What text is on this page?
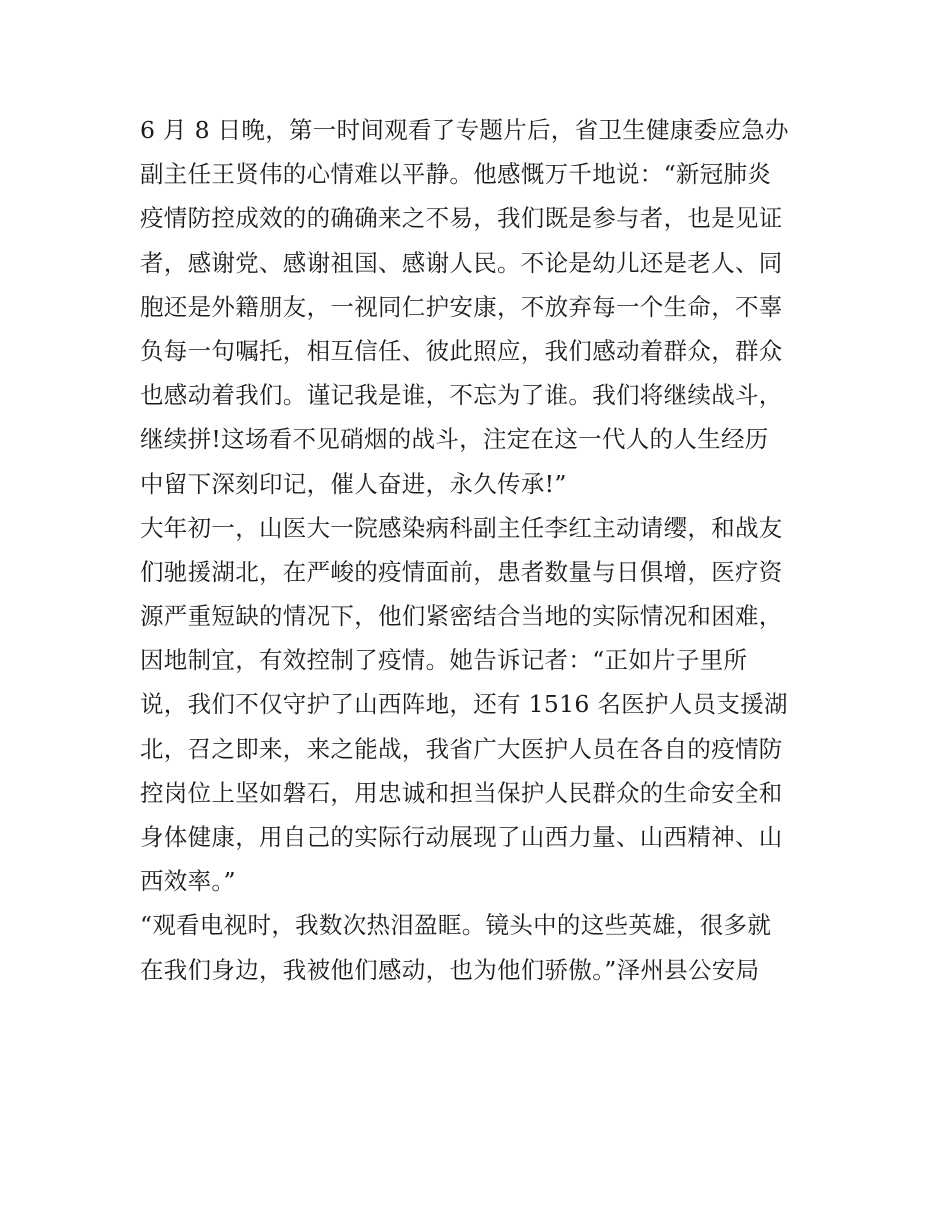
6 月 8 日晚，第一时间观看了专题片后，省卫生健康委应急办
副主任王贤伟的心情难以平静。他感慨万千地说：“新冠肺炎
疫情防控成效的的确确来之不易，我们既是参与者，也是见证
者，感谢党、感谢祖国、感谢人民。不论是幼儿还是老人、同
胞还是外籍朋友，一视同仁护安康，不放弃每一个生命，不辜
负每一句嘱托，相互信任、彼此照应，我们感动着群众，群众
也感动着我们。谨记我是谁，不忘为了谁。我们将继续战斗，
继续拼!这场看不见硝烟的战斗，注定在这一代人的人生经历
中留下深刻印记，催人奋进，永久传承!”
大年初一，山医大一院感染病科副主任李红主动请缨，和战友
们驰援湖北，在严峻的疫情面前，患者数量与日俱增，医疗资
源严重短缺的情况下，他们紧密结合当地的实际情况和困难，
因地制宜，有效控制了疫情。她告诉记者：“正如片子里所
说，我们不仅守护了山西阵地，还有 1516 名医护人员支援湖
北，召之即来，来之能战，我省广大医护人员在各自的疫情防
控岗位上坚如磐石，用忠诚和担当保护人民群众的生命安全和
身体健康，用自己的实际行动展现了山西力量、山西精神、山
西效率。”
“观看电视时，我数次热泪盈眶。镜头中的这些英雄，很多就
在我们身边，我被他们感动，也为他们骄傲。”泽州县公安局
